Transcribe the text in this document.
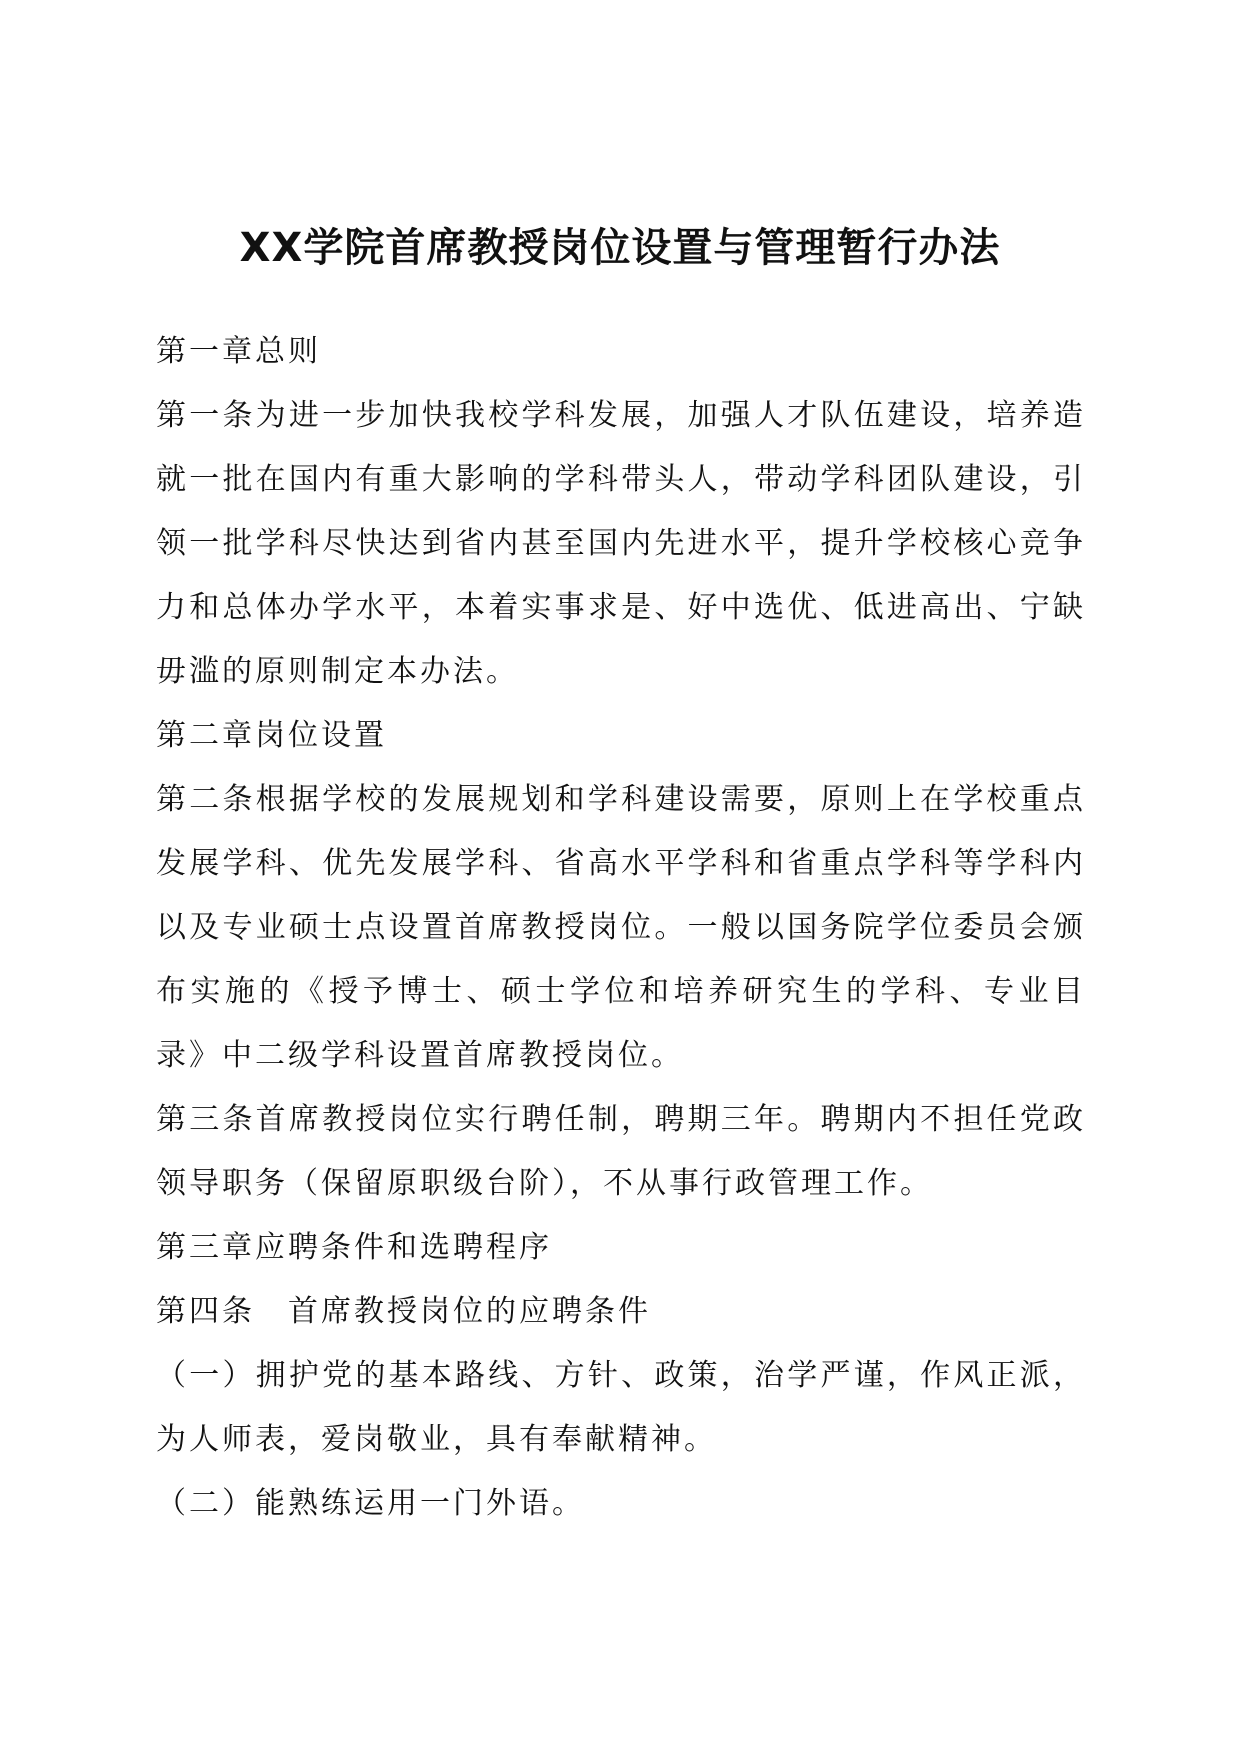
XX学院首席教授岗位设置与管理暂行办法

第一章总则

第一条为进一步加快我校学科发展，加强人才队伍建设，培养造就一批在国内有重大影响的学科带头人，带动学科团队建设，引领一批学科尽快达到省内甚至国内先进水平，提升学校核心竞争力和总体办学水平，本着实事求是、好中选优、低进高出、宁缺毋滥的原则制定本办法。

第二章岗位设置

第二条根据学校的发展规划和学科建设需要，原则上在学校重点发展学科、优先发展学科、省高水平学科和省重点学科等学科内以及专业硕士点设置首席教授岗位。一般以国务院学位委员会颁布实施的《授予博士、硕士学位和培养研究生的学科、专业目录》中二级学科设置首席教授岗位。

第三条首席教授岗位实行聘任制，聘期三年。聘期内不担任党政领导职务（保留原职级台阶），不从事行政管理工作。

第三章应聘条件和选聘程序

第四条　首席教授岗位的应聘条件

（一）拥护党的基本路线、方针、政策，治学严谨，作风正派，为人师表，爱岗敬业，具有奉献精神。

（二）能熟练运用一门外语。
